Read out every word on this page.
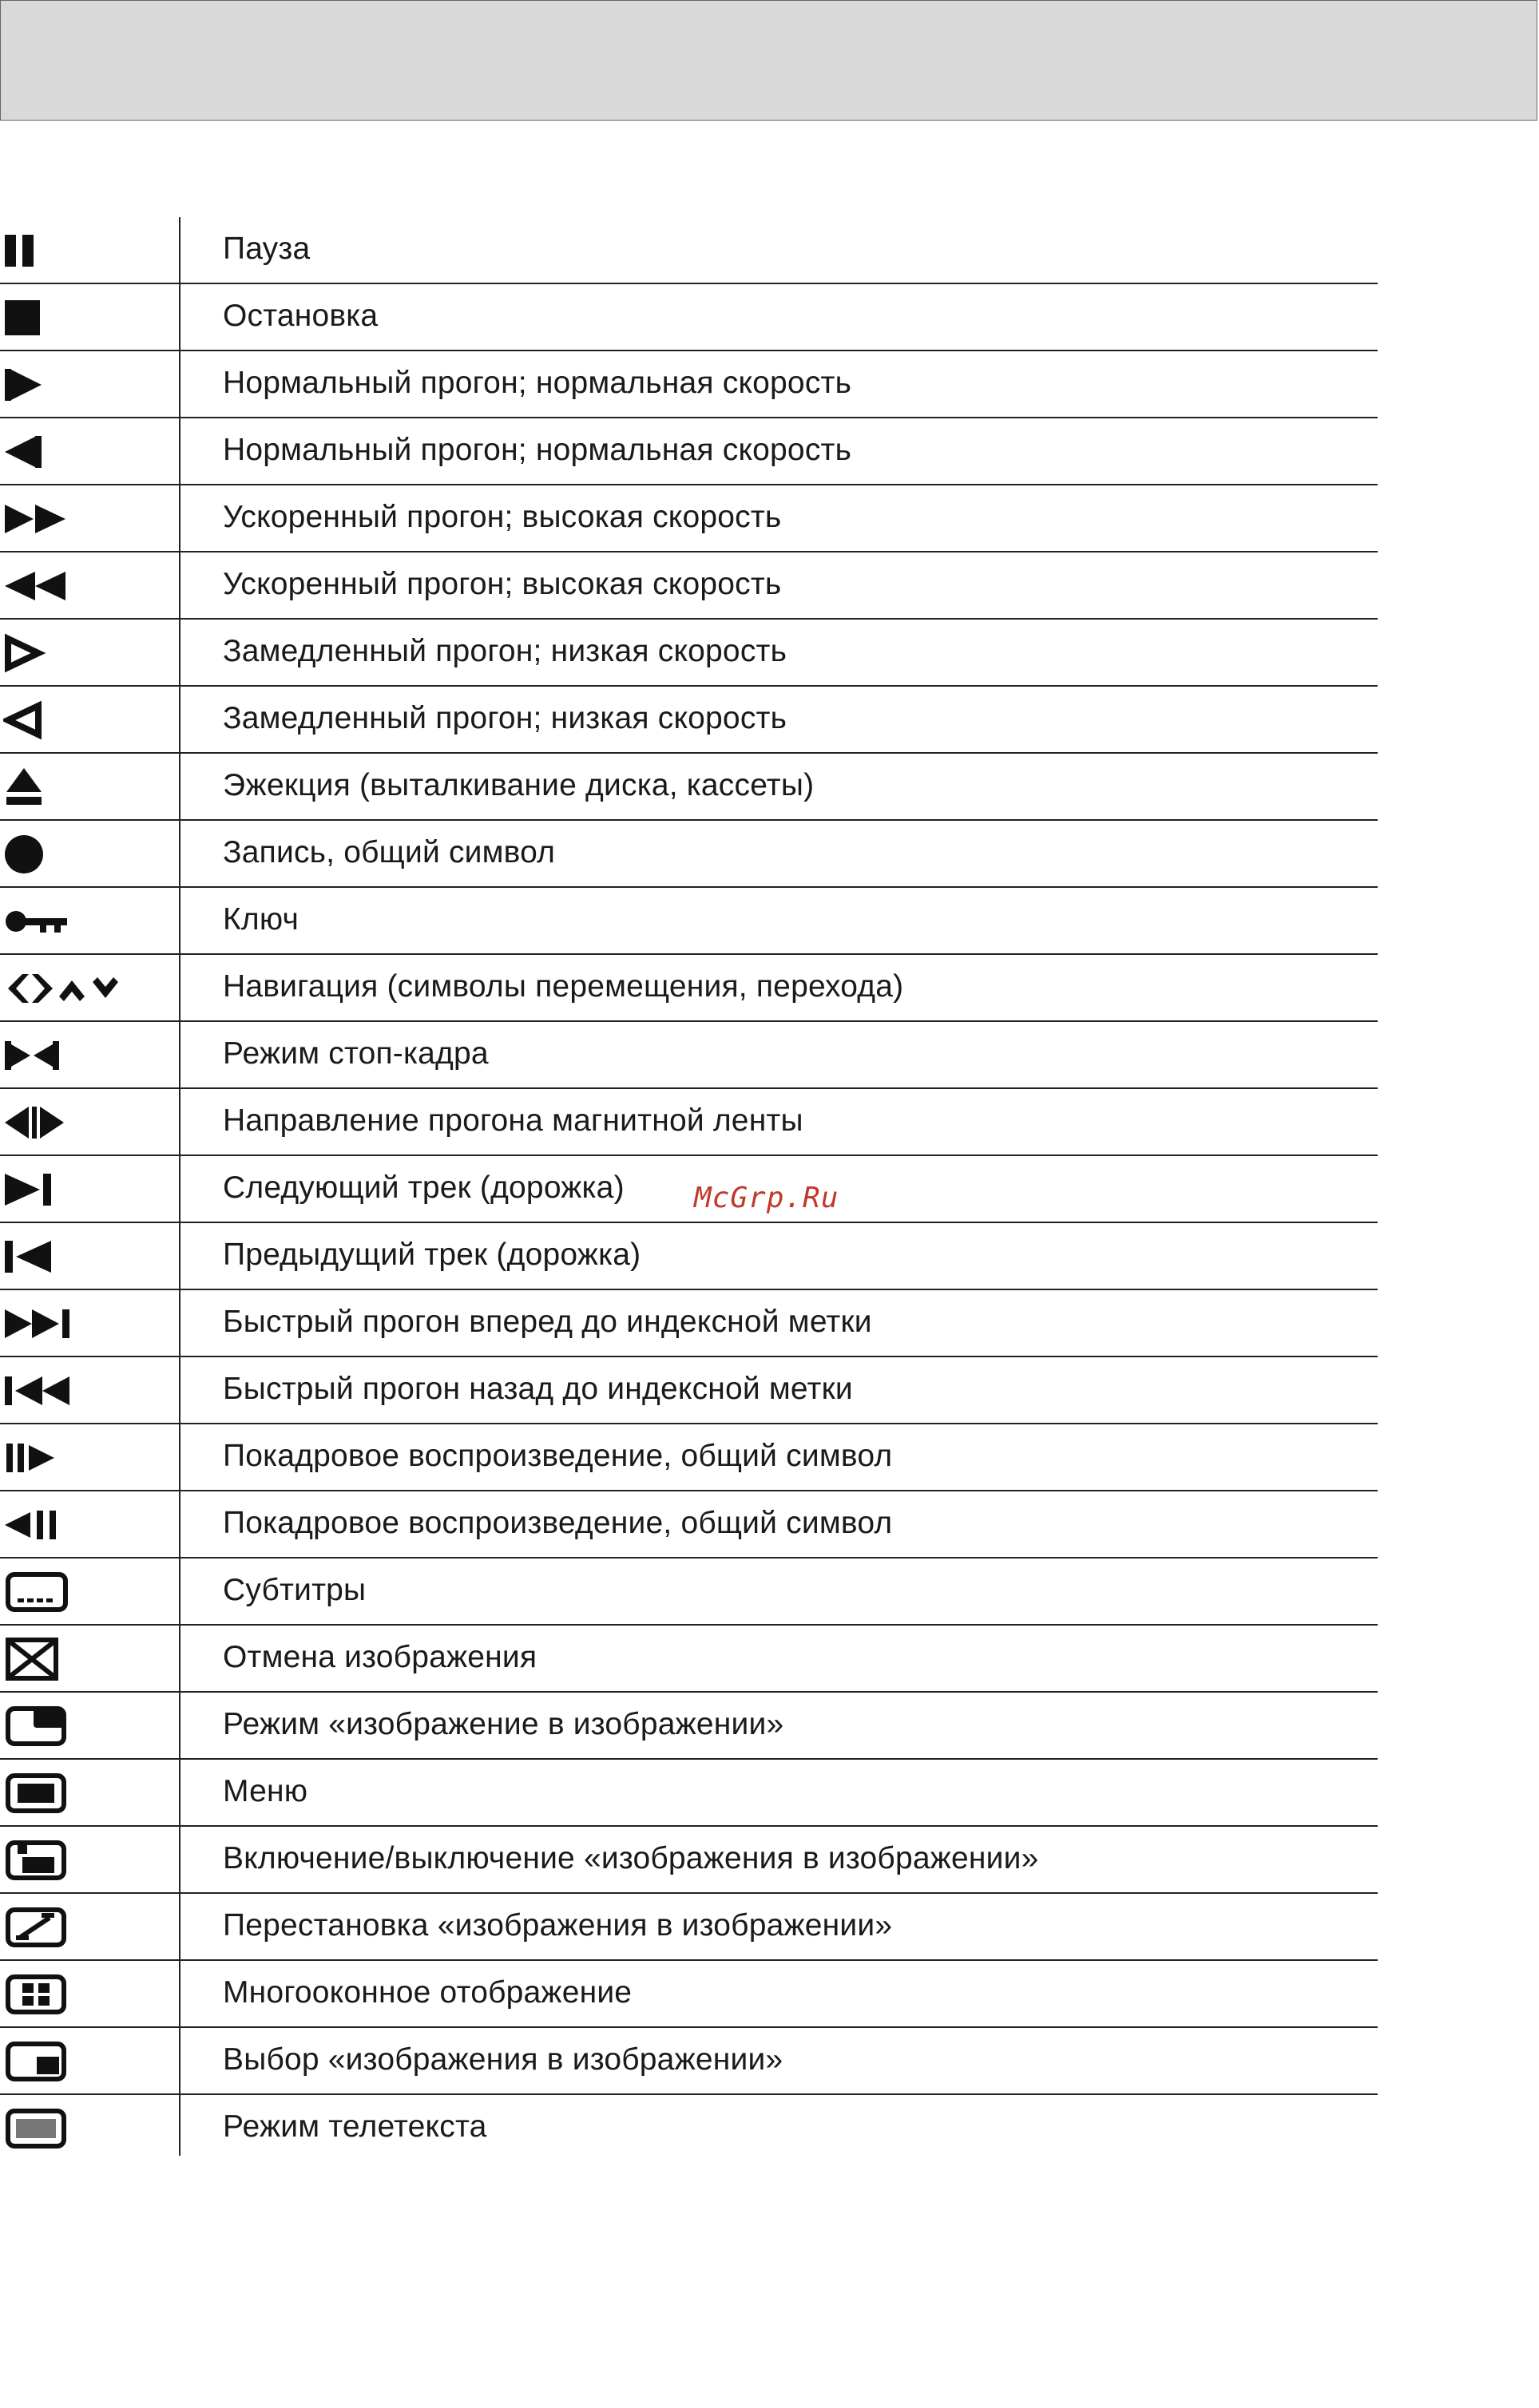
Пауза
Остановка
Нормальный прогон; нормальная скорость
Нормальный прогон; нормальная скорость
Ускоренный прогон; высокая скорость
Ускоренный прогон; высокая скорость
Замедленный прогон; низкая скорость
Замедленный прогон; низкая скорость
Эжекция (выталкивание диска, кассеты)
Запись, общий символ
Ключ
Навигация (символы перемещения, перехода)
Режим стоп-кадра
Направление прогона магнитной ленты
Следующий трек (дорожка)
Предыдущий трек (дорожка)
Быстрый прогон вперед до индексной метки
Быстрый прогон назад до индексной метки
Покадровое воспроизведение, общий символ
Покадровое воспроизведение, общий символ
Субтитры
Отмена изображения
Режим «изображение в изображении»
Меню
Включение/выключение «изображения в изображении»
Перестановка «изображения в изображении»
Многооконное отображение
Выбор «изображения в изображении»
Режим телетекста
McGrp.Ru
